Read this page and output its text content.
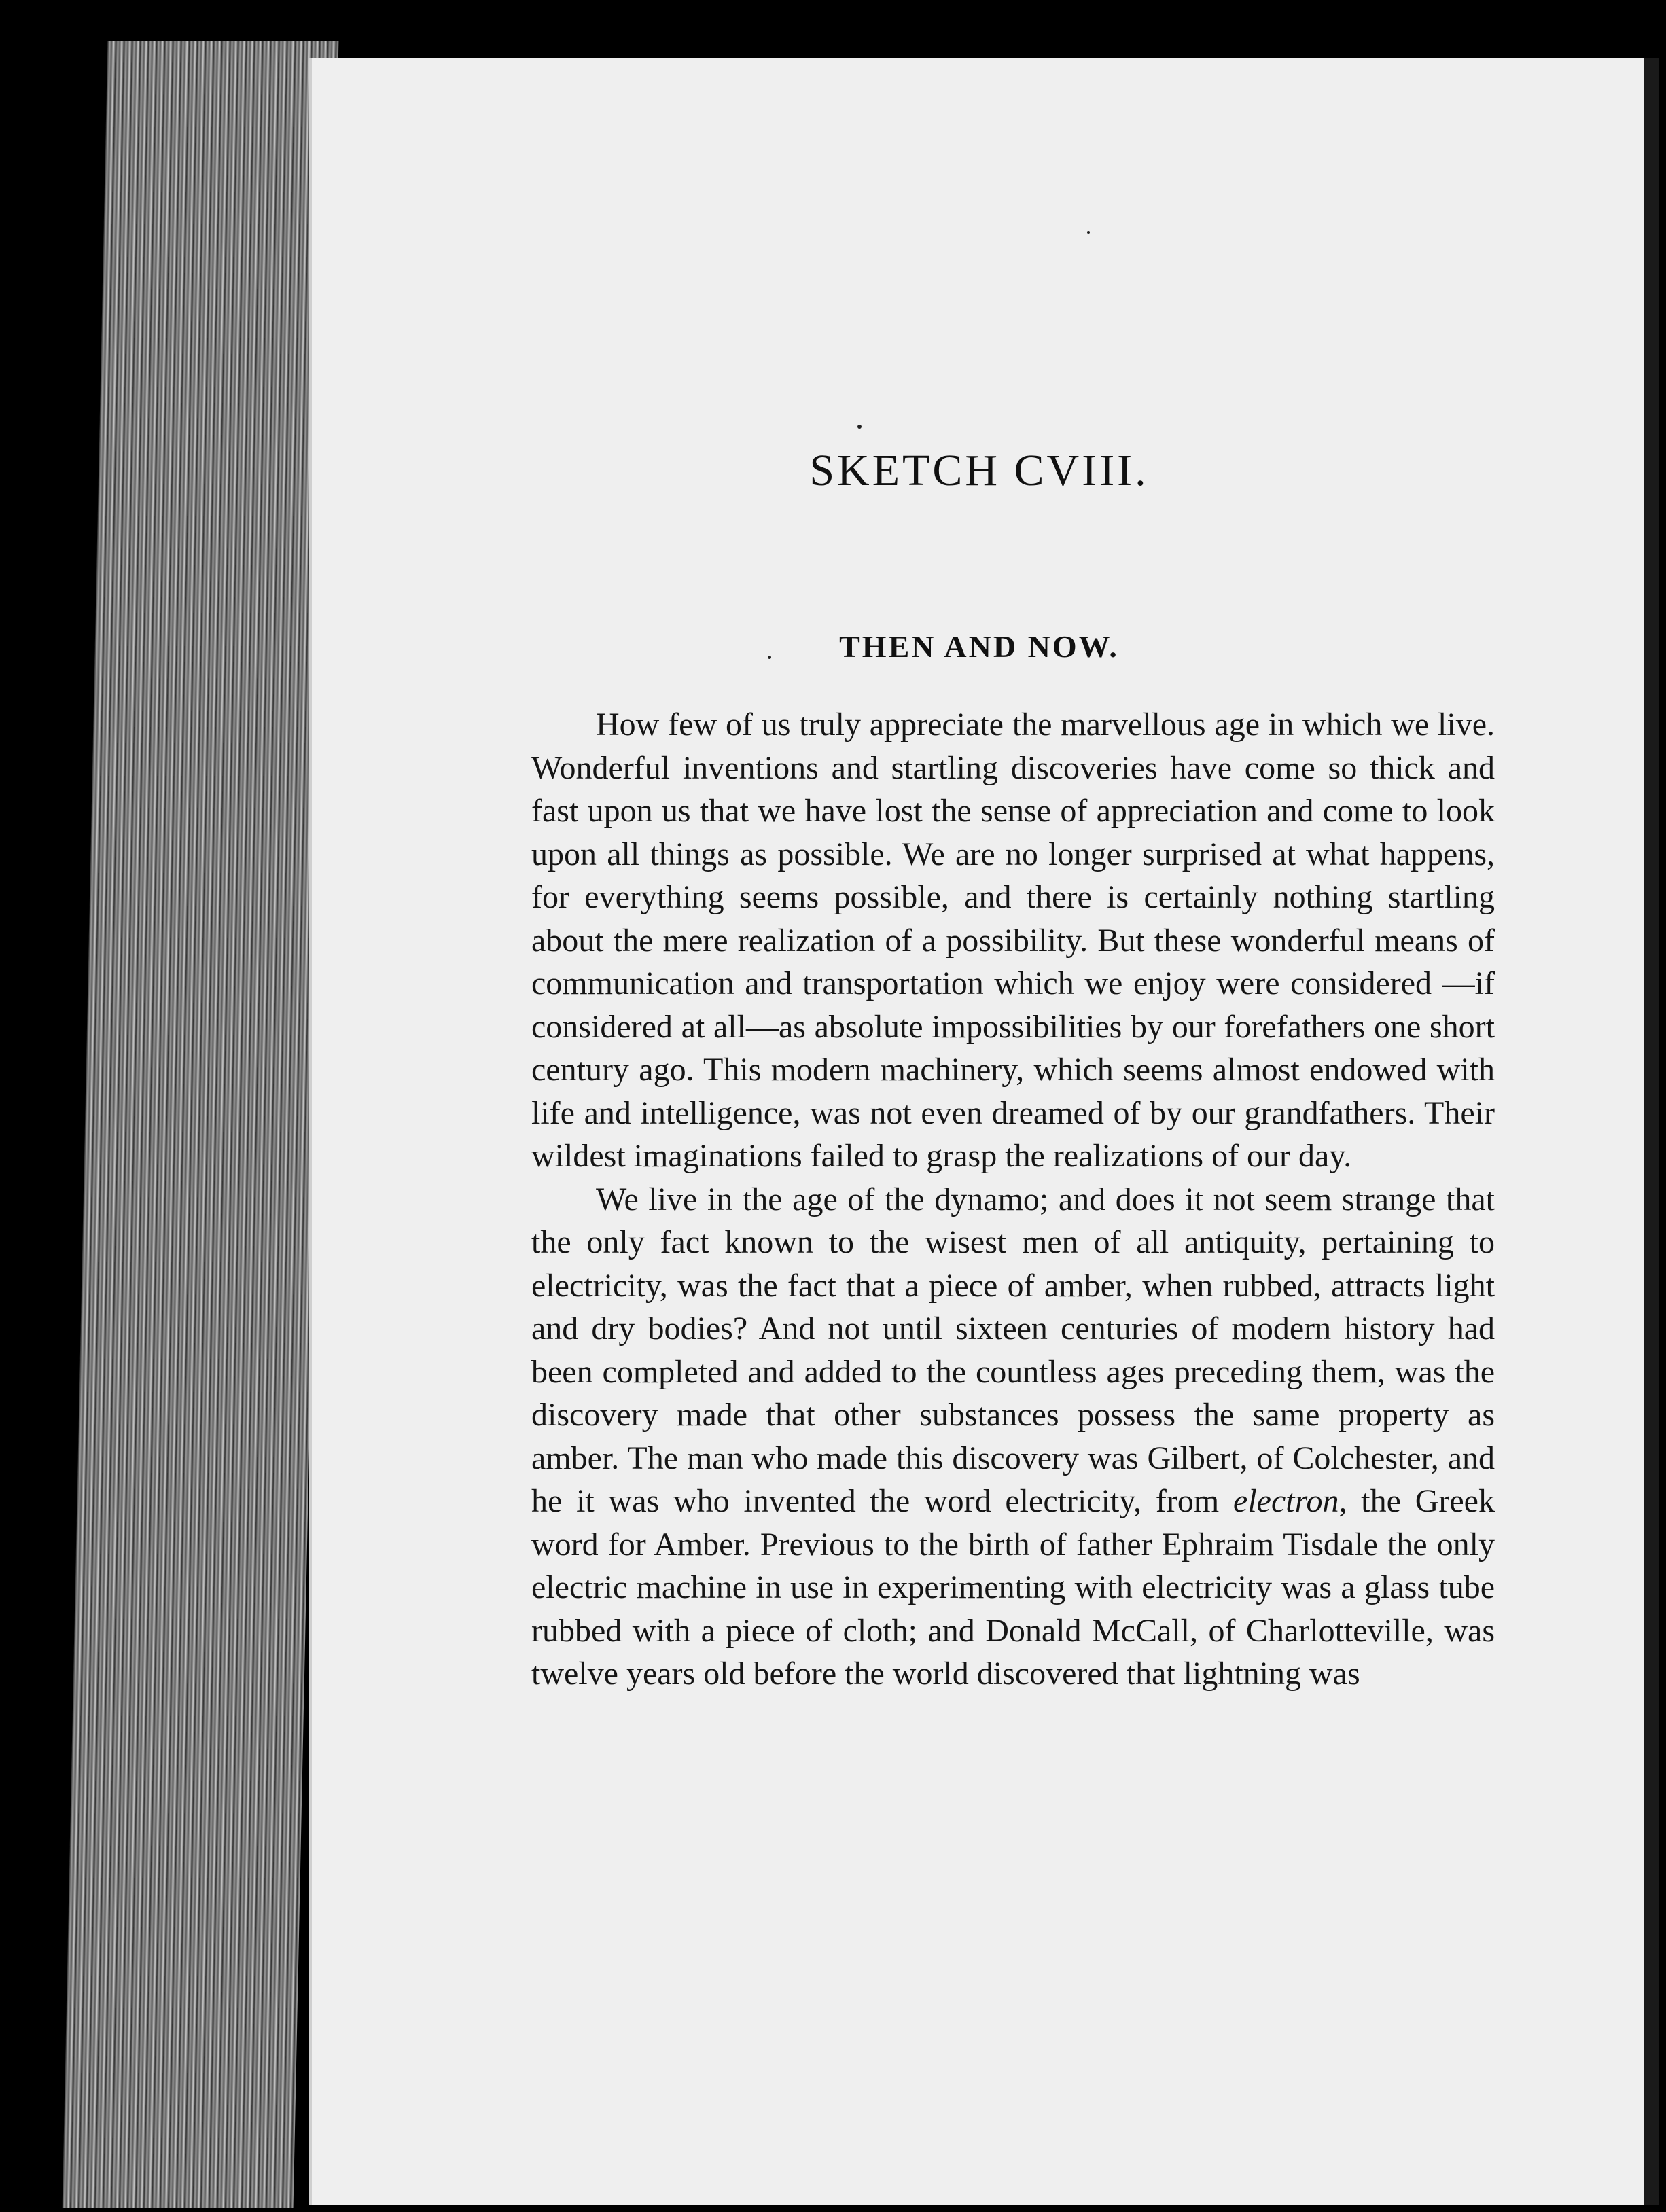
SKETCH CVIII.
THEN AND NOW.

How few of us truly appreciate the marvellous age in which we live. Wonderful inventions and startling discoveries have come so thick and fast upon us that we have lost the sense of appreciation and come to look upon all things as possible. We are no longer surprised at what happens, for everything seems possible, and there is certainly nothing startling about the mere realization of a possibility. But these wonderful means of communication and transportation which we enjoy were considered —if considered at all—as absolute impossibilities by our forefathers one short century ago. This modern machinery, which seems almost endowed with life and intelligence, was not even dreamed of by our grandfathers. Their wildest imaginations failed to grasp the realizations of our day.

We live in the age of the dynamo; and does it not seem strange that the only fact known to the wisest men of all antiquity, pertaining to electricity, was the fact that a piece of amber, when rubbed, attracts light and dry bodies? And not until sixteen centuries of modern history had been completed and added to the countless ages preceding them, was the discovery made that other substances possess the same property as amber. The man who made this discovery was Gilbert, of Colchester, and he it was who invented the word electricity, from electron, the Greek word for Amber. Previous to the birth of father Ephraim Tisdale the only electric machine in use in experimenting with electricity was a glass tube rubbed with a piece of cloth; and Donald McCall, of Charlotteville, was twelve years old before the world discovered that lightning was
